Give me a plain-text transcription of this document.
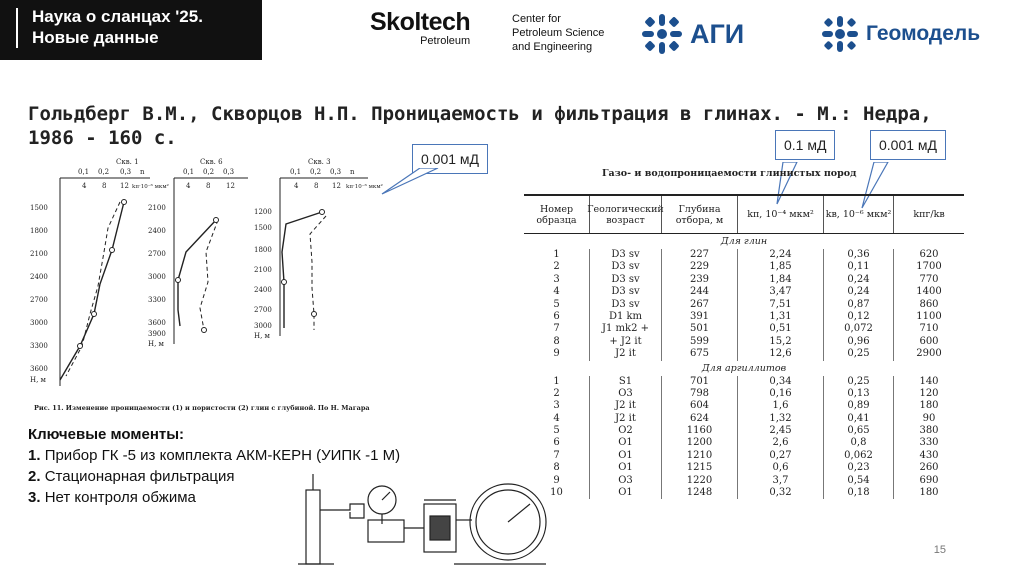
Наука о сланцах '25.
Новые данные
Skoltech
Petroleum
Center for
Petroleum Science
and Engineering	АГИ	Геомодель
Гольдберг В.М., Скворцов Н.П. Проницаемость и фильтрация в глинах. - М.: Недра, 1986 - 160 с.
Скв. 1
0,1 0,2 0,3 n
4 8 12 kп·10⁻⁶ мкм²
1500
1800
2100
2400
2700
3000
3300
3600
Н, м
Скв. 6
0,1 0,2 0,3
4 8 12
2100
2400
2700
3000
3300
3600
3900
Н, м
Скв. 3
0,1 0,2 0,3 n
4 8 12 kп·10⁻⁶ мкм²
1200
1500
1800
2100
2400
2700
3000
Н, м
Рис. 11. Изменение проницаемости (1) и пористости (2) глин с глубиной. По Н. Магара
0.001 мД
0.1 мД	0.001 мД
Ключевые моменты:
1. Прибор ГК -5 из комплекта АКМ-КЕРН (УИПК -1 М)
2. Стационарная фильтрация
3. Нет контроля обжима
Газо- и водопроницаемости глинистых пород
Номер образца
Геологический возраст
Глубина отбора, м	kп, 10⁻⁴ мкм²	kв, 10⁻⁶ мкм²	kпг/kв
Для глин
1	D3 sv	227	2,24	0,36	620
2	D3 sv	229	1,85	0,11	1700
3	D3 sv	239	1,84	0,24	770
4	D3 sv	244	3,47	0,24	1400
5	D3 sv	267	7,51	0,87	860
6	D1 km	391	1,31	0,12	1100
7	J1 mk2 +	501	0,51	0,072	710
8	+ J2 it	599	15,2	0,96	600
9	J2 it	675	12,6	0,25	2900
Для аргиллитов
1	S1	701	0,34	0,25	140
2	O3	798	0,16	0,13	120
3	J2 it	604	1,6	0,89	180
4	J2 it	624	1,32	0,41	90
5	O2	1160	2,45	0,65	380
6	O1	1200	2,6	0,8	330
7	O1	1210	0,27	0,062	430
8	O1	1215	0,6	0,23	260
9	O3	1220	3,7	0,54	690
10	O1	1248	0,32	0,18	180
15
